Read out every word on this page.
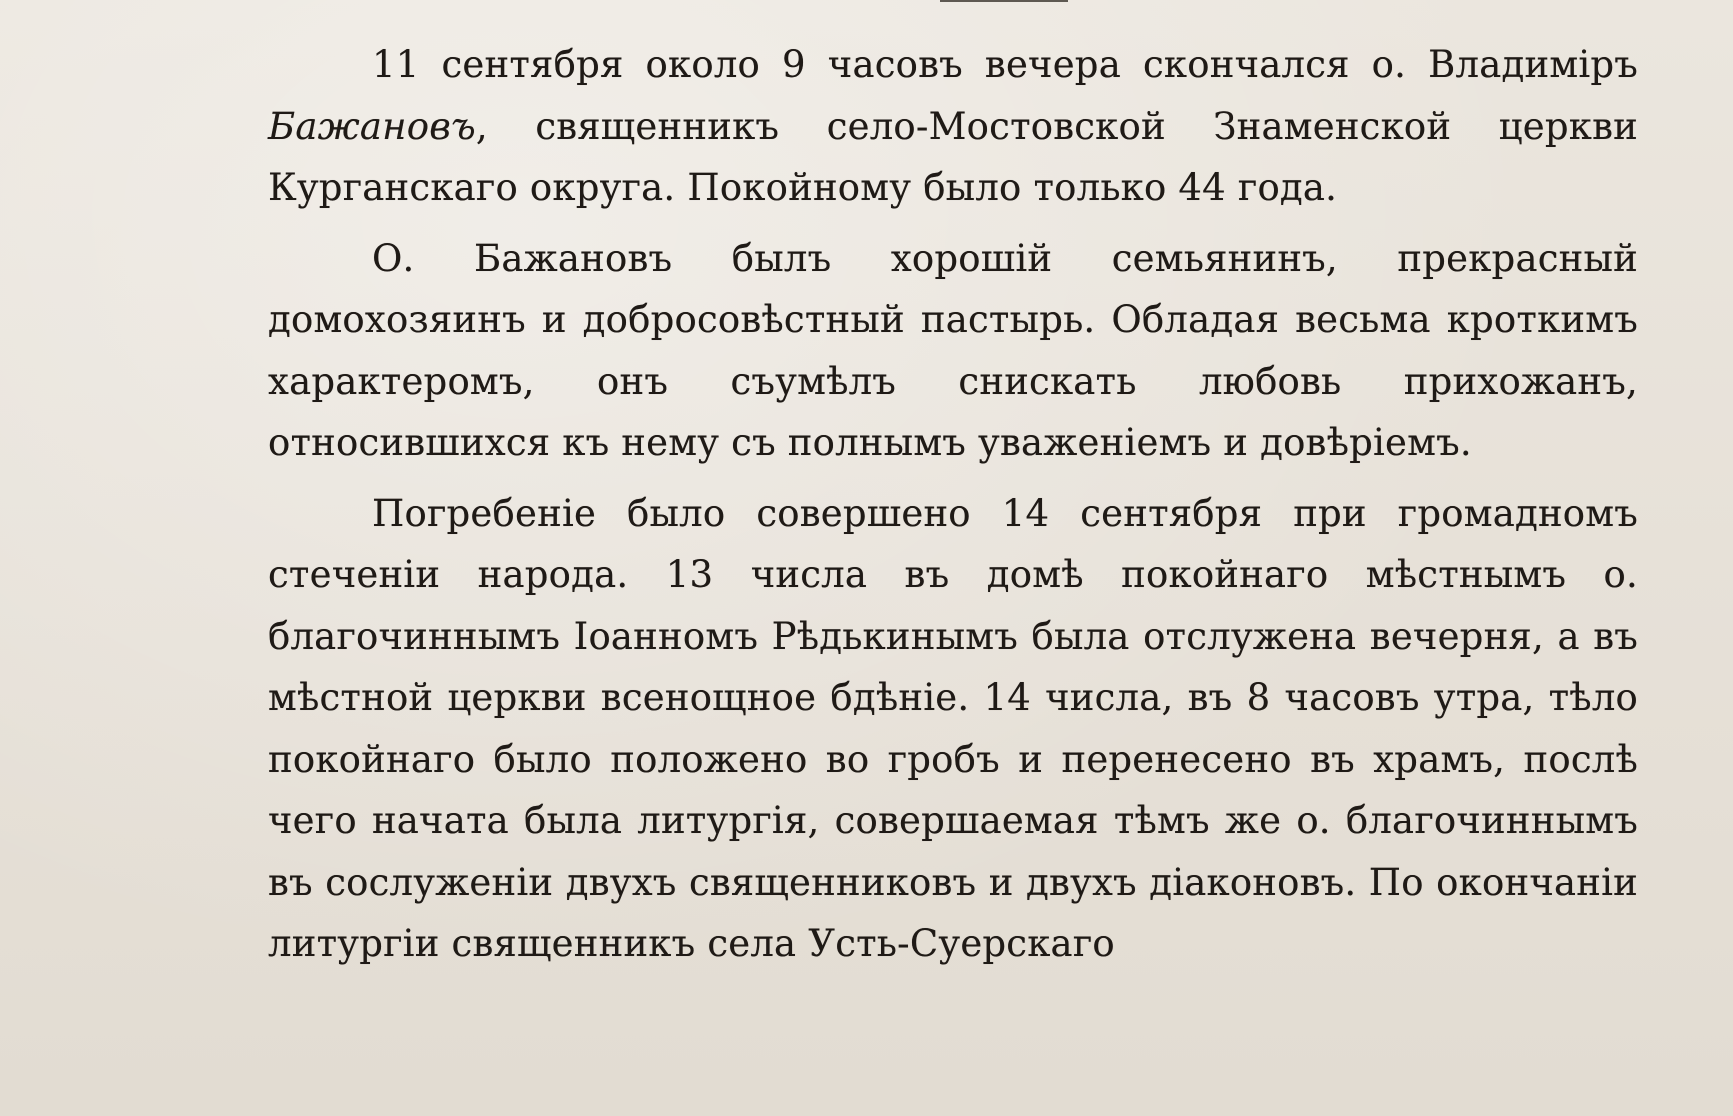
11 сентября около 9 часовъ вечера скончался о. Владиміръ Бажановъ, священникъ село-Мостовской Знаменской церкви Курганскаго округа. Покойному было только 44 года.

О. Бажановъ былъ хорошій семьянинъ, прекрасный домохозяинъ и добросовѣстный пастырь. Обладая весьма кроткимъ характеромъ, онъ съумѣлъ снискать любовь прихожанъ, относившихся къ нему съ полнымъ уваженіемъ и довѣріемъ.

Погребеніе было совершено 14 сентября при громадномъ стеченіи народа. 13 числа въ домѣ покойнаго мѣстнымъ о. благочиннымъ Іоанномъ Рѣдькинымъ была отслужена вечерня, а въ мѣстной церкви всенощное бдѣніе. 14 числа, въ 8 часовъ утра, тѣло покойнаго было положено во гробъ и перенесено въ храмъ, послѣ чего начата была литургія, совершаемая тѣмъ же о. благочиннымъ въ сослуженіи двухъ священниковъ и двухъ діаконовъ. По окончаніи литургіи священникъ села Усть-Суерскаго
